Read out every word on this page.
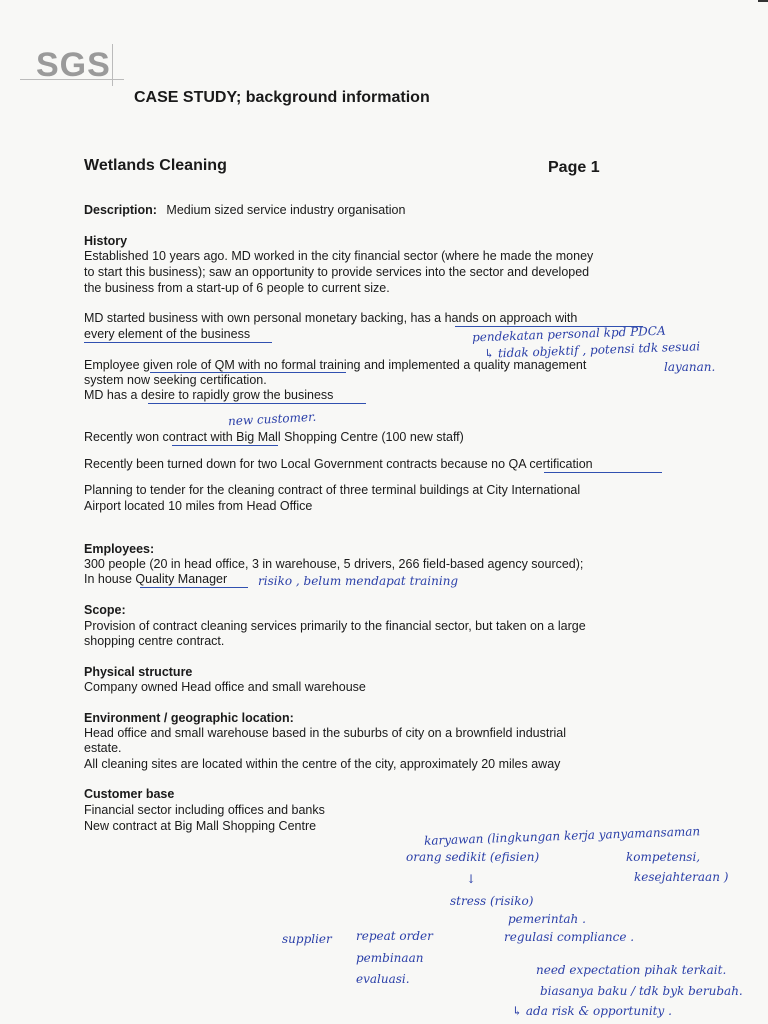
SGS
CASE STUDY; background information
Wetlands Cleaning	Page 1
Description: Medium sized service industry organisation
History
Established 10 years ago. MD worked in the city financial sector (where he made the money
to start this business); saw an opportunity to provide services into the sector and developed
the business from a start-up of 6 people to current size.
MD started business with own personal monetary backing, has a hands on approach with
every element of the business
Employee given role of QM with no formal training and implemented a quality management
system now seeking certification.
MD has a desire to rapidly grow the business
Recently won contract with Big Mall Shopping Centre (100 new staff)
Recently been turned down for two Local Government contracts because no QA certification
Planning to tender for the cleaning contract of three terminal buildings at City International
Airport located 10 miles from Head Office
Employees:
300 people (20 in head office, 3 in warehouse, 5 drivers, 266 field-based agency sourced);
In house Quality Manager
Scope:
Provision of contract cleaning services primarily to the financial sector, but taken on a large
shopping centre contract.
Physical structure
Company owned Head office and small warehouse
Environment / geographic location:
Head office and small warehouse based in the suburbs of city on a brownfield industrial
estate.
All cleaning sites are located within the centre of the city, approximately 20 miles away
Customer base
Financial sector including offices and banks
New contract at Big Mall Shopping Centre
pendekatan personal kpd PDCA
↳ tidak objektif , potensi tdk sesuai
layanan.
new customer.
risiko , belum mendapat training
karyawan (lingkungan kerja yanyamansaman
orang sedikit (efisien)	kompetensi,
kesejahteraan )
↓
stress (risiko)
pemerintah .
regulasi compliance .
supplier repeat order
pembinaan
evaluasi.
need expectation pihak terkait.
biasanya baku / tdk byk berubah.
↳ ada risk & opportunity .
